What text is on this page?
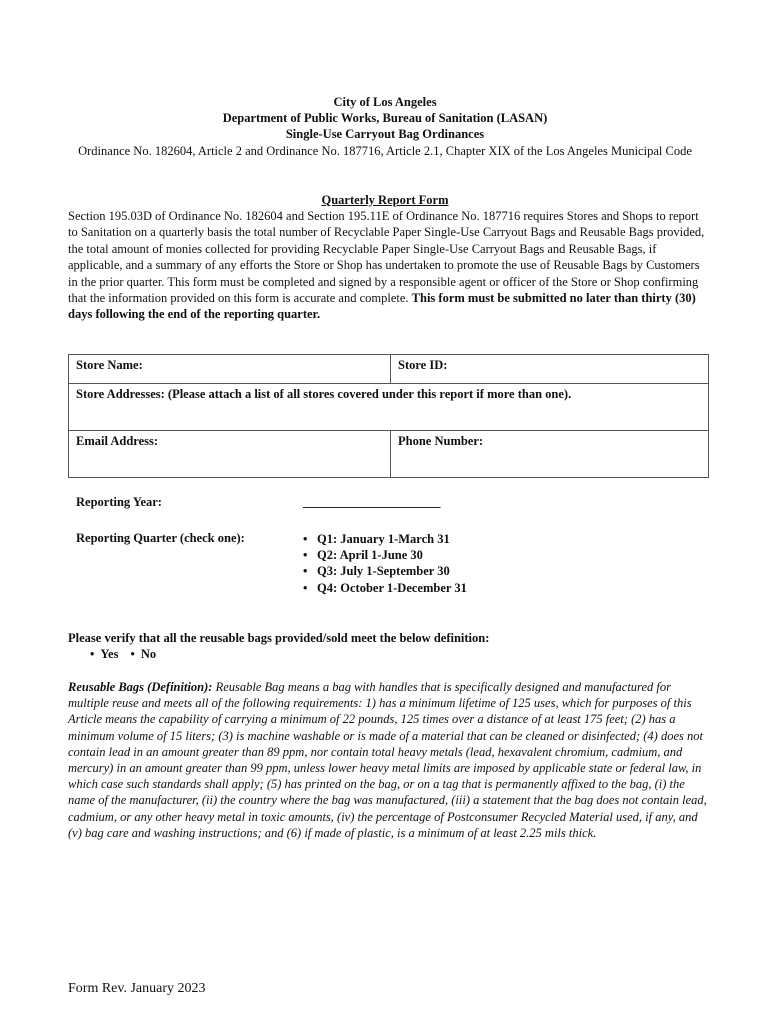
City of Los Angeles
Department of Public Works, Bureau of Sanitation (LASAN)
Single-Use Carryout Bag Ordinances
Ordinance No. 182604, Article 2 and Ordinance No. 187716, Article 2.1, Chapter XIX of the Los Angeles Municipal Code
Quarterly Report Form
Section 195.03D of Ordinance No. 182604 and Section 195.11E of Ordinance No. 187716 requires Stores and Shops to report to Sanitation on a quarterly basis the total number of Recyclable Paper Single-Use Carryout Bags and Reusable Bags provided, the total amount of monies collected for providing Recyclable Paper Single-Use Carryout Bags and Reusable Bags, if applicable, and a summary of any efforts the Store or Shop has undertaken to promote the use of Reusable Bags by Customers in the prior quarter. This form must be completed and signed by a responsible agent or officer of the Store or Shop confirming that the information provided on this form is accurate and complete. This form must be submitted no later than thirty (30) days following the end of the reporting quarter.
Store Name:	Store ID:
Store Addresses: (Please attach a list of all stores covered under this report if more than one).	
Email Address:	Phone Number:
Reporting Year:	__________________________
Reporting Quarter (check one):	• Q1: January 1-March 31
• Q2: April 1-June 30
• Q3: July 1-September 30
• Q4: October 1-December 31
Please verify that all the reusable bags provided/sold meet the below definition:
• Yes • No
Reusable Bags (Definition): Reusable Bag means a bag with handles that is specifically designed and manufactured for multiple reuse and meets all of the following requirements: 1) has a minimum lifetime of 125 uses, which for purposes of this Article means the capability of carrying a minimum of 22 pounds, 125 times over a distance of at least 175 feet; (2) has a minimum volume of 15 liters; (3) is machine washable or is made of a material that can be cleaned or disinfected; (4) does not contain lead in an amount greater than 89 ppm, nor contain total heavy metals (lead, hexavalent chromium, cadmium, and mercury) in an amount greater than 99 ppm, unless lower heavy metal limits are imposed by applicable state or federal law, in which case such standards shall apply; (5) has printed on the bag, or on a tag that is permanently affixed to the bag, (i) the name of the manufacturer, (ii) the country where the bag was manufactured, (iii) a statement that the bag does not contain lead, cadmium, or any other heavy metal in toxic amounts, (iv) the percentage of Postconsumer Recycled Material used, if any, and (v) bag care and washing instructions; and (6) if made of plastic, is a minimum of at least 2.25 mils thick.
Form Rev. January 2023
